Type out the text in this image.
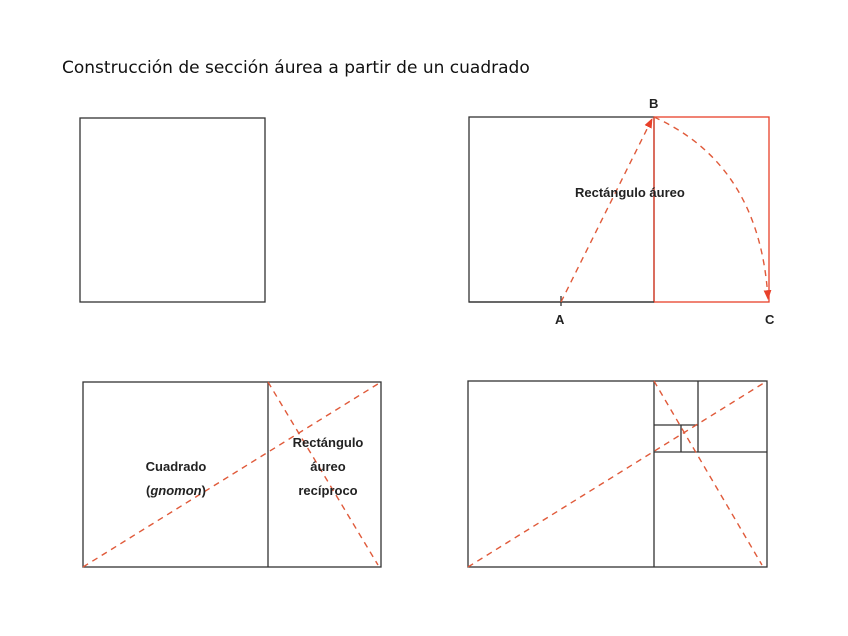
Construcción de sección áurea a partir de un cuadrado
B
A	C
Rectángulo áureo
Cuadrado
(gnomon)
Rectángulo
áureo
recíproco
